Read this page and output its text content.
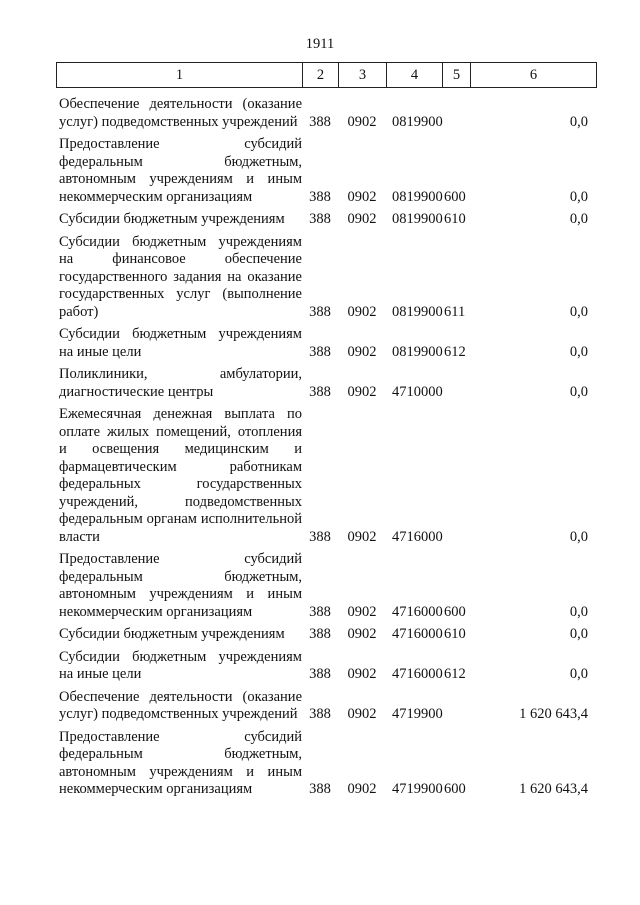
1911
1	2	3	4	5	6
Обеспечение деятельности (оказание услуг) подведомственных учреждений	388	0902	0819900		0,0

Предоставление субсидий федеральным бюджетным, автономным учреждениям и иным некоммерческим организациям	388	0902	0819900	600	0,0

Субсидии бюджетным учреждениям	388	0902	0819900	610	0,0

Субсидии бюджетным учреждениям на финансовое обеспечение государственного задания на оказание государственных услуг (выполнение работ)	388	0902	0819900	611	0,0

Субсидии бюджетным учреждениям на иные цели	388	0902	0819900	612	0,0

Поликлиники, амбулатории, диагностические центры	388	0902	4710000		0,0

Ежемесячная денежная выплата по оплате жилых помещений, отопления и освещения медицинским и фармацевтическим работникам федеральных государственных учреждений, подведомственных федеральным органам исполнительной власти	388	0902	4716000		0,0

Предоставление субсидий федеральным бюджетным, автономным учреждениям и иным некоммерческим организациям	388	0902	4716000	600	0,0

Субсидии бюджетным учреждениям	388	0902	4716000	610	0,0

Субсидии бюджетным учреждениям на иные цели	388	0902	4716000	612	0,0

Обеспечение деятельности (оказание услуг) подведомственных учреждений	388	0902	4719900		1 620 643,4

Предоставление субсидий федеральным бюджетным, автономным учреждениям и иным некоммерческим организациям	388	0902	4719900	600	1 620 643,4
